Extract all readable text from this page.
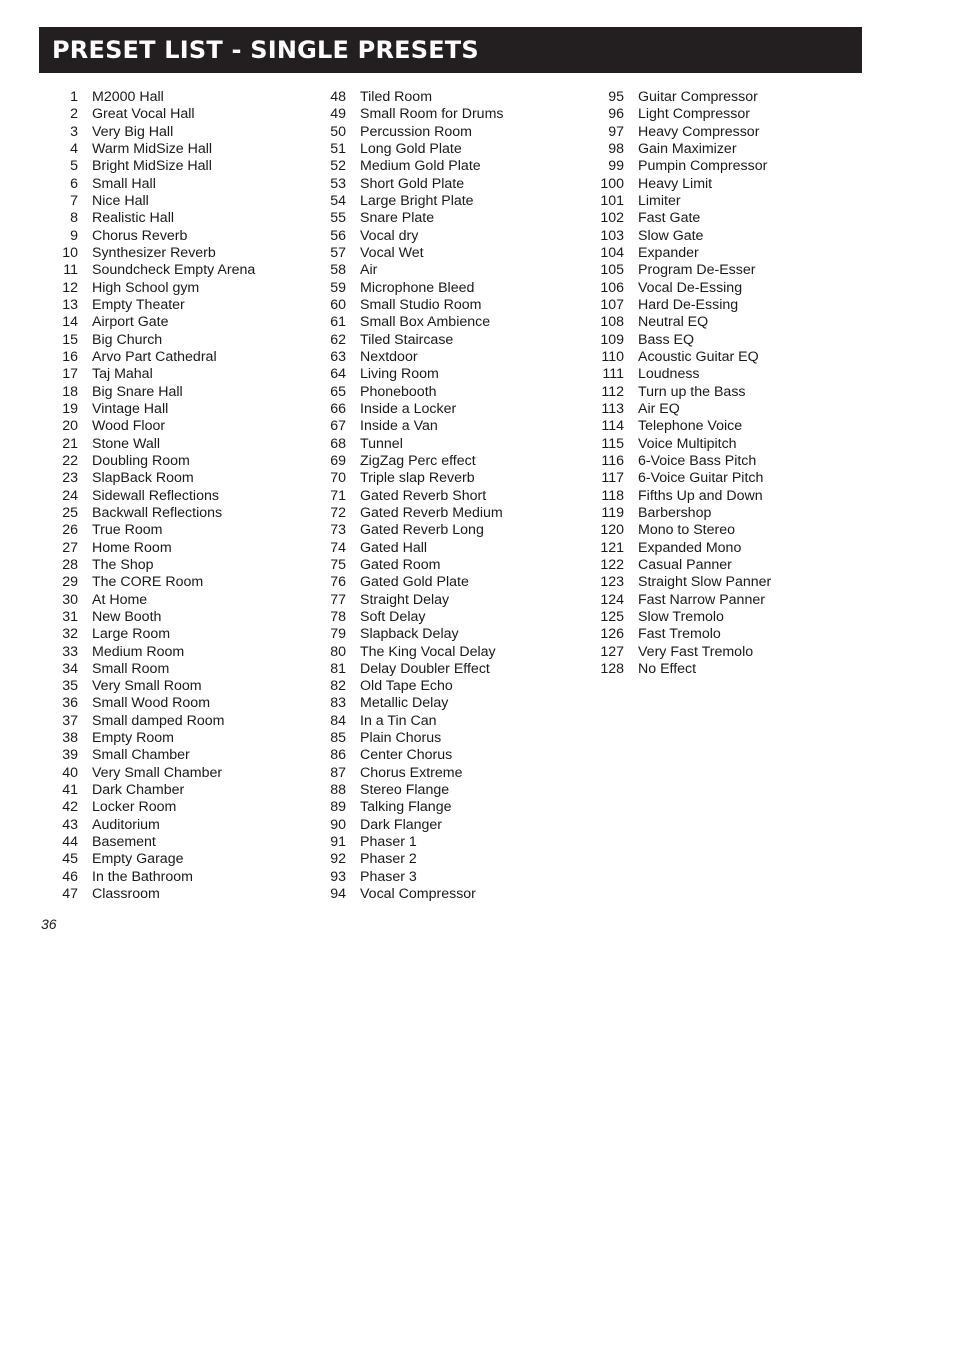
PRESET LIST - SINGLE PRESETS
1 M2000 Hall
2 Great Vocal Hall
3 Very Big Hall
4 Warm MidSize Hall
5 Bright MidSize Hall
6 Small Hall
7 Nice Hall
8 Realistic Hall
9 Chorus Reverb
10 Synthesizer Reverb
11 Soundcheck Empty Arena
12 High School gym
13 Empty Theater
14 Airport Gate
15 Big Church
16 Arvo Part Cathedral
17 Taj Mahal
18 Big Snare Hall
19 Vintage Hall
20 Wood Floor
21 Stone Wall
22 Doubling Room
23 SlapBack Room
24 Sidewall Reflections
25 Backwall Reflections
26 True Room
27 Home Room
28 The Shop
29 The CORE Room
30 At Home
31 New Booth
32 Large Room
33 Medium Room
34 Small Room
35 Very Small Room
36 Small Wood Room
37 Small damped Room
38 Empty Room
39 Small Chamber
40 Very Small Chamber
41 Dark Chamber
42 Locker Room
43 Auditorium
44 Basement
45 Empty Garage
46 In the Bathroom
47 Classroom
48 Tiled Room
49 Small Room for Drums
50 Percussion Room
51 Long Gold Plate
52 Medium Gold Plate
53 Short Gold Plate
54 Large Bright Plate
55 Snare Plate
56 Vocal dry
57 Vocal Wet
58 Air
59 Microphone Bleed
60 Small Studio Room
61 Small Box Ambience
62 Tiled Staircase
63 Nextdoor
64 Living Room
65 Phonebooth
66 Inside a Locker
67 Inside a Van
68 Tunnel
69 ZigZag Perc effect
70 Triple slap Reverb
71 Gated Reverb Short
72 Gated Reverb Medium
73 Gated Reverb Long
74 Gated Hall
75 Gated Room
76 Gated Gold Plate
77 Straight Delay
78 Soft Delay
79 Slapback Delay
80 The King Vocal Delay
81 Delay Doubler Effect
82 Old Tape Echo
83 Metallic Delay
84 In a Tin Can
85 Plain Chorus
86 Center Chorus
87 Chorus Extreme
88 Stereo Flange
89 Talking Flange
90 Dark Flanger
91 Phaser 1
92 Phaser 2
93 Phaser 3
94 Vocal Compressor
95 Guitar Compressor
96 Light Compressor
97 Heavy Compressor
98 Gain Maximizer
99 Pumpin Compressor
100 Heavy Limit
101 Limiter
102 Fast Gate
103 Slow Gate
104 Expander
105 Program De-Esser
106 Vocal De-Essing
107 Hard De-Essing
108 Neutral EQ
109 Bass EQ
110 Acoustic Guitar EQ
111 Loudness
112 Turn up the Bass
113 Air EQ
114 Telephone Voice
115 Voice Multipitch
116 6-Voice Bass Pitch
117 6-Voice Guitar Pitch
118 Fifths Up and Down
119 Barbershop
120 Mono to Stereo
121 Expanded Mono
122 Casual Panner
123 Straight Slow Panner
124 Fast Narrow Panner
125 Slow Tremolo
126 Fast Tremolo
127 Very Fast Tremolo
128 No Effect
36
